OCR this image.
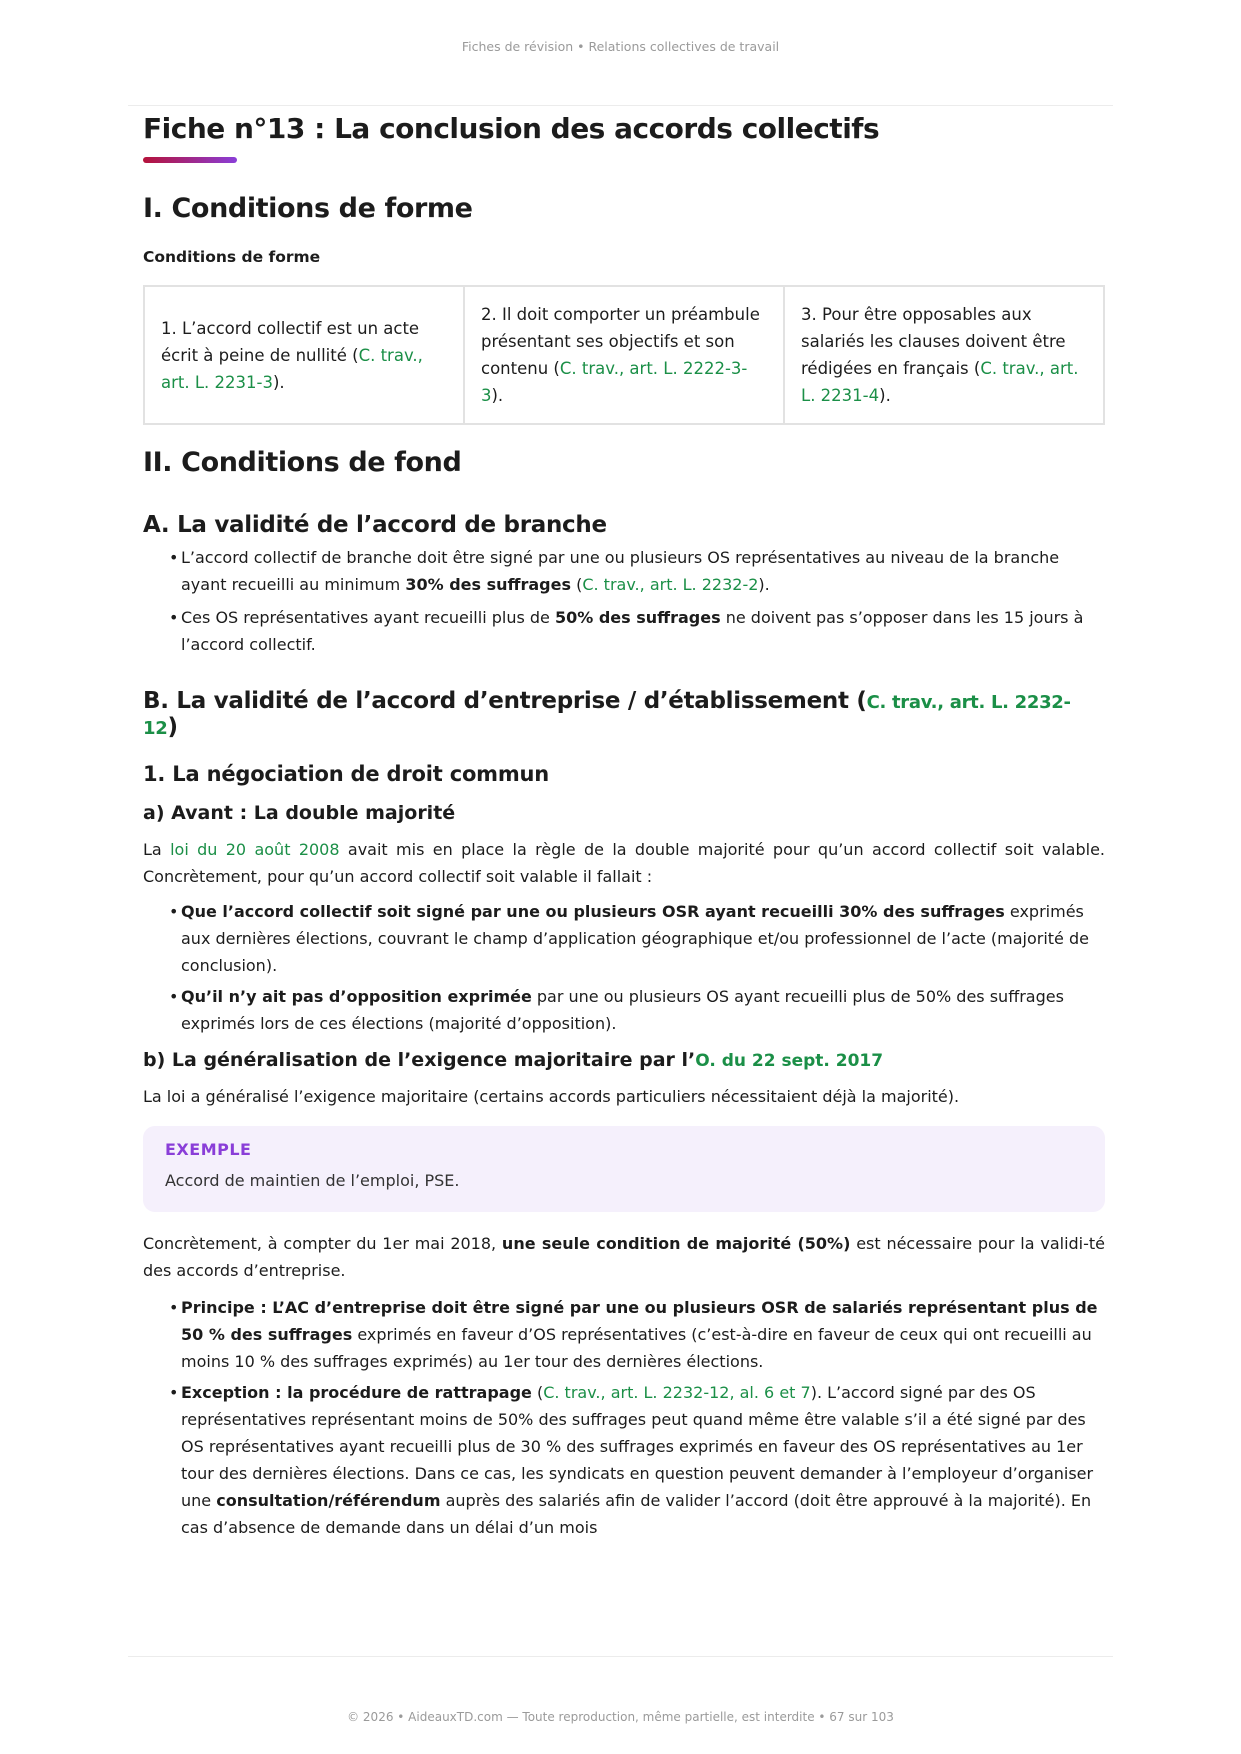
Fiches de révision • Relations collectives de travail
Fiche n°13 : La conclusion des accords collectifs
I. Conditions de forme
Conditions de forme
1. L’accord collectif est un acte écrit à peine de nullité (C. trav., art. L. 2231-3).	2. Il doit comporter un préambule présentant ses objectifs et son contenu (C. trav., art. L. 2222-3-3).	3. Pour être opposables aux salariés les clauses doivent être rédigées en français (C. trav., art. L. 2231-4).
II. Conditions de fond
A. La validité de l’accord de branche
• L’accord collectif de branche doit être signé par une ou plusieurs OS représentatives au niveau de la branche ayant recueilli au minimum 30% des suffrages (C. trav., art. L. 2232-2).
• Ces OS représentatives ayant recueilli plus de 50% des suffrages ne doivent pas s’opposer dans les 15 jours à l’accord collectif.
B. La validité de l’accord d’entreprise / d’établissement (C. trav., art. L. 2232-12)
1. La négociation de droit commun
a) Avant : La double majorité

La loi du 20 août 2008 avait mis en place la règle de la double majorité pour qu’un accord collectif soit valable. Concrètement, pour qu’un accord collectif soit valable il fallait :

• Que l’accord collectif soit signé par une ou plusieurs OSR ayant recueilli 30% des suffrages exprimés aux dernières élections, couvrant le champ d’application géographique et/ou professionnel de l’acte (majorité de conclusion).
• Qu’il n’y ait pas d’opposition exprimée par une ou plusieurs OS ayant recueilli plus de 50% des suffrages exprimés lors de ces élections (majorité d’opposition).
b) La généralisation de l’exigence majoritaire par l’O. du 22 sept. 2017

La loi a généralisé l’exigence majoritaire (certains accords particuliers nécessitaient déjà la majorité).

EXEMPLE
Accord de maintien de l’emploi, PSE.

Concrètement, à compter du 1er mai 2018, une seule condition de majorité (50%) est nécessaire pour la validi-té des accords d’entreprise.

• Principe : L’AC d’entreprise doit être signé par une ou plusieurs OSR de salariés représentant plus de 50 % des suffrages exprimés en faveur d’OS représentatives (c’est-à-dire en faveur de ceux qui ont recueilli au moins 10 % des suffrages exprimés) au 1er tour des dernières élections.
• Exception : la procédure de rattrapage (C. trav., art. L. 2232-12, al. 6 et 7). L’accord signé par des OS représentatives représentant moins de 50% des suffrages peut quand même être valable s’il a été signé par des OS représentatives ayant recueilli plus de 30 % des suffrages exprimés en faveur des OS représentatives au 1er tour des dernières élections. Dans ce cas, les syndicats en question peuvent demander à l’employeur d’organiser une consultation/référendum auprès des salariés afin de valider l’accord (doit être approuvé à la majorité). En cas d’absence de demande dans un délai d’un mois
© 2026 • AideauxTD.com — Toute reproduction, même partielle, est interdite • 67 sur 103
